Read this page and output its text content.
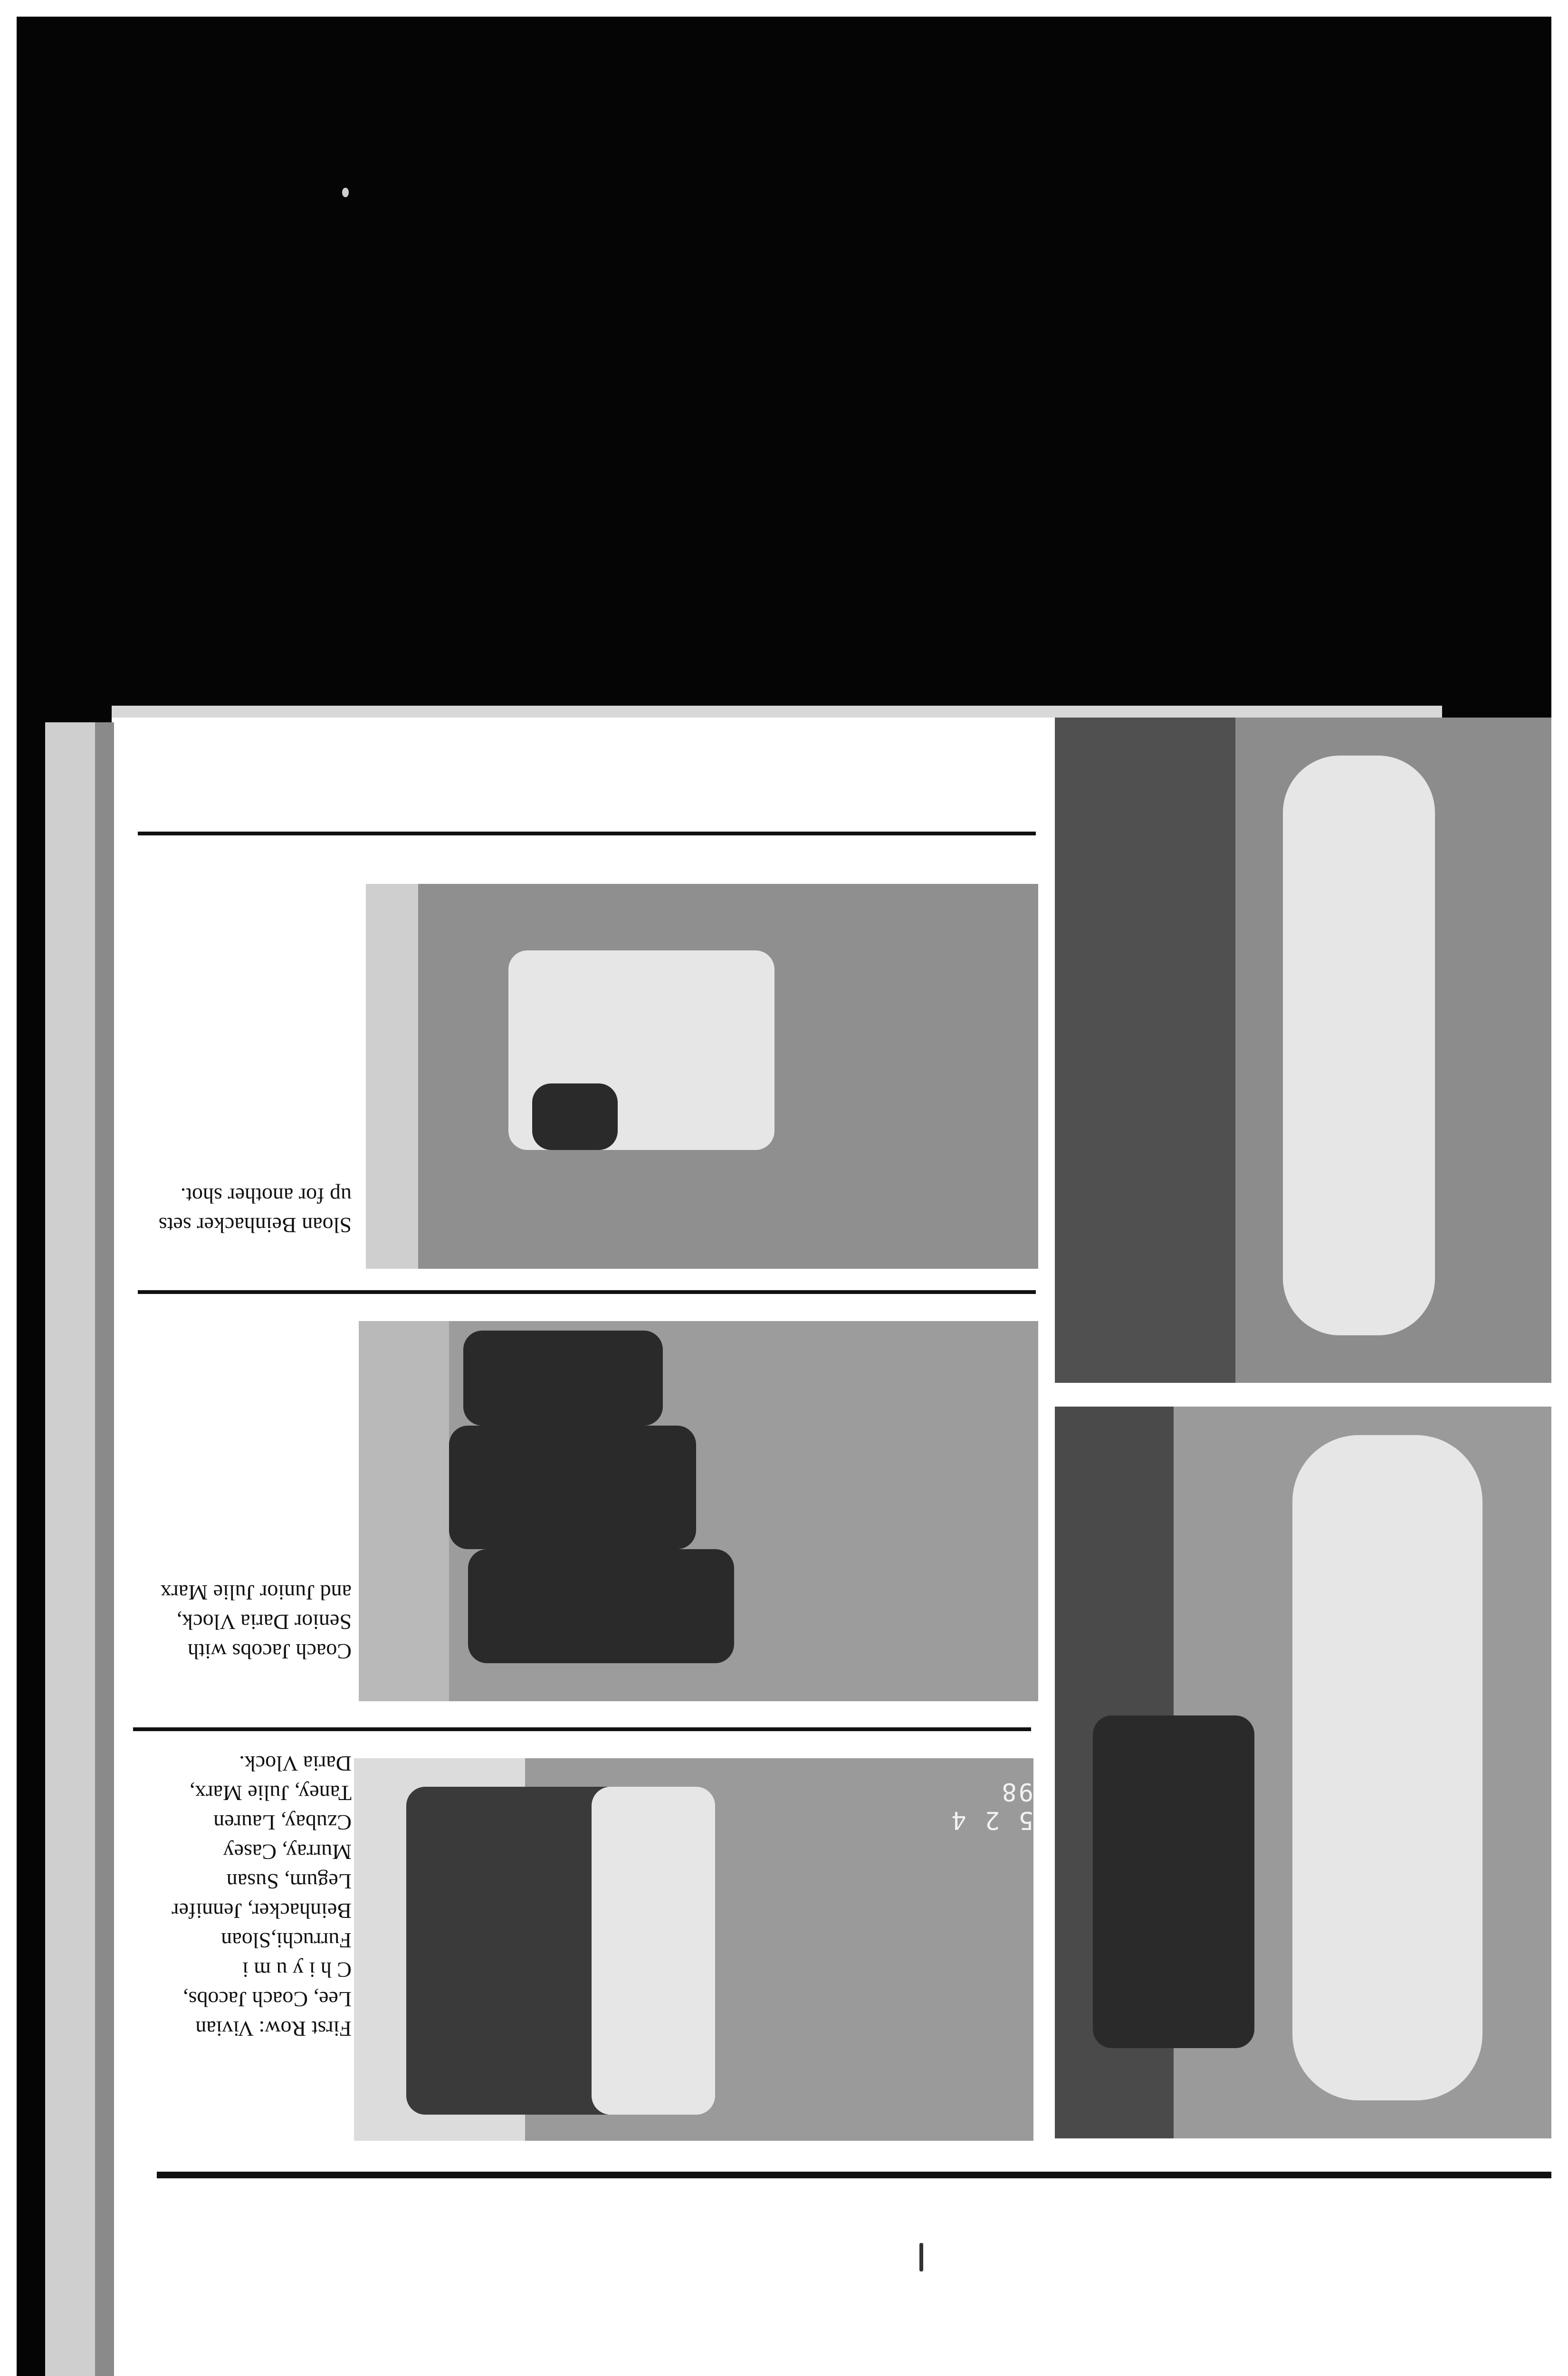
Sloan Beinhacker sets up for another shot.
Coach Jacobs with Senior Daria Vlock, and Junior Julie Marx
5 2 4 98
First Row: Vivian Lee, Coach Jacobs, C h i y u m i Furruchi,Sloan Beinhacker, Jennifer Legum, Susan Murray, Casey Czubay, Lauren Taney, Julie Marx, Daria Vlock.
